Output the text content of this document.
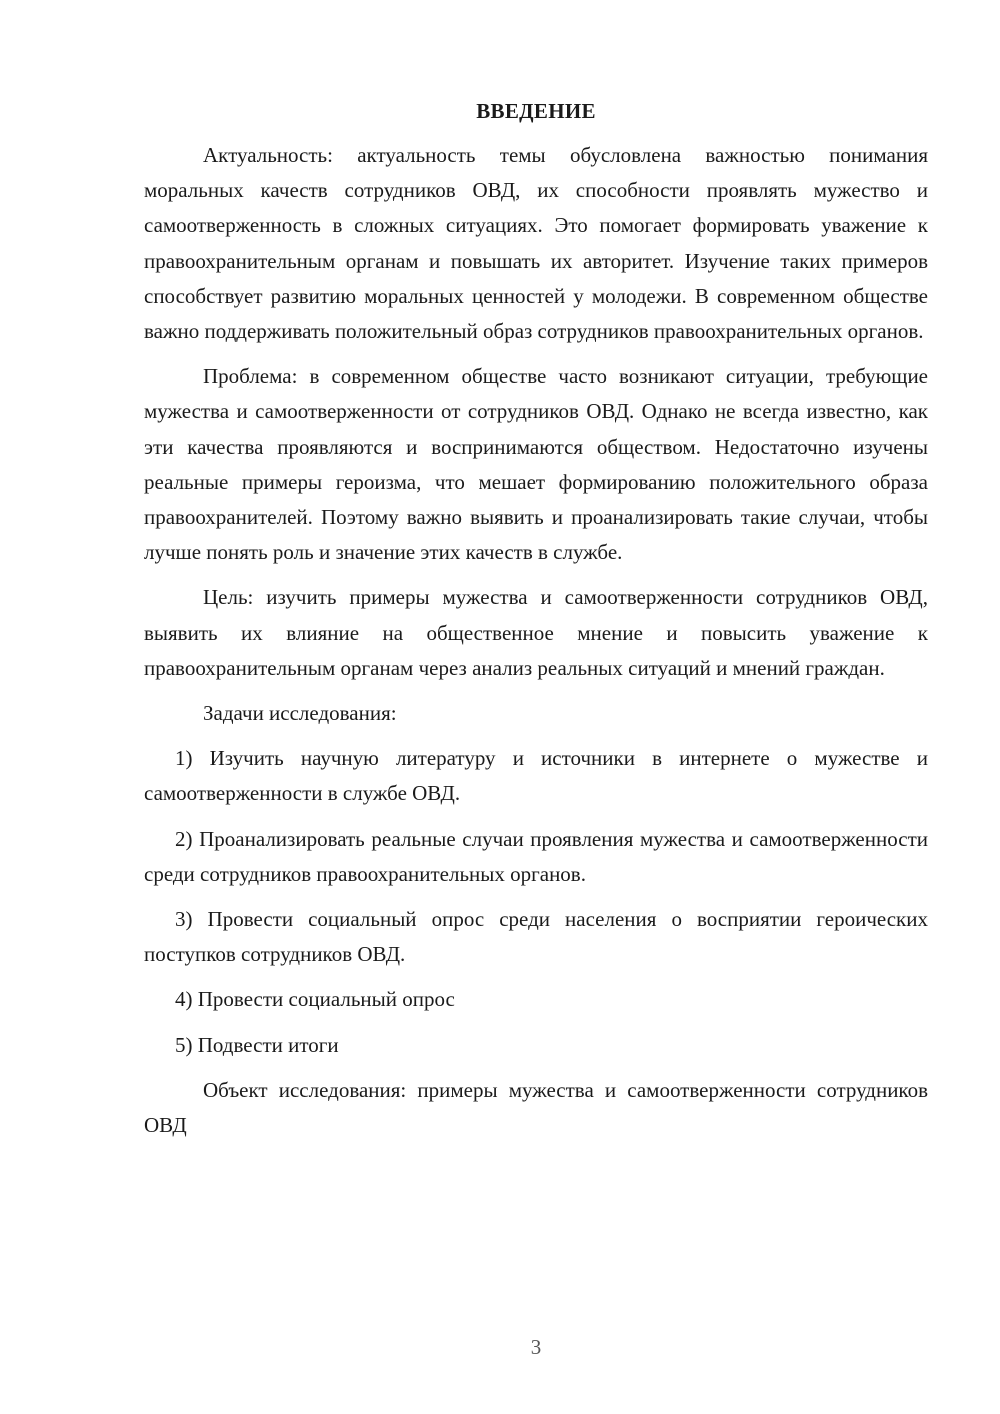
ВВЕДЕНИЕ

Актуальность: актуальность темы обусловлена важностью понимания моральных качеств сотрудников ОВД, их способности проявлять мужество и самоотверженность в сложных ситуациях. Это помогает формировать уважение к правоохранительным органам и повышать их авторитет. Изучение таких примеров способствует развитию моральных ценностей у молодежи. В современном обществе важно поддерживать положительный образ сотрудников правоохранительных органов.

Проблема: в современном обществе часто возникают ситуации, требующие мужества и самоотверженности от сотрудников ОВД. Однако не всегда известно, как эти качества проявляются и воспринимаются обществом. Недостаточно изучены реальные примеры героизма, что мешает формированию положительного образа правоохранителей. Поэтому важно выявить и проанализировать такие случаи, чтобы лучше понять роль и значение этих качеств в службе.

Цель: изучить примеры мужества и самоотверженности сотрудников ОВД, выявить их влияние на общественное мнение и повысить уважение к правоохранительным органам через анализ реальных ситуаций и мнений граждан.

Задачи исследования:

1) Изучить научную литературу и источники в интернете о мужестве и самоотверженности в службе ОВД.

2) Проанализировать реальные случаи проявления мужества и самоотверженности среди сотрудников правоохранительных органов.

3) Провести социальный опрос среди населения о восприятии героических поступков сотрудников ОВД.

4) Провести социальный опрос

5) Подвести итоги

Объект исследования: примеры мужества и самоотверженности сотрудников ОВД

3
